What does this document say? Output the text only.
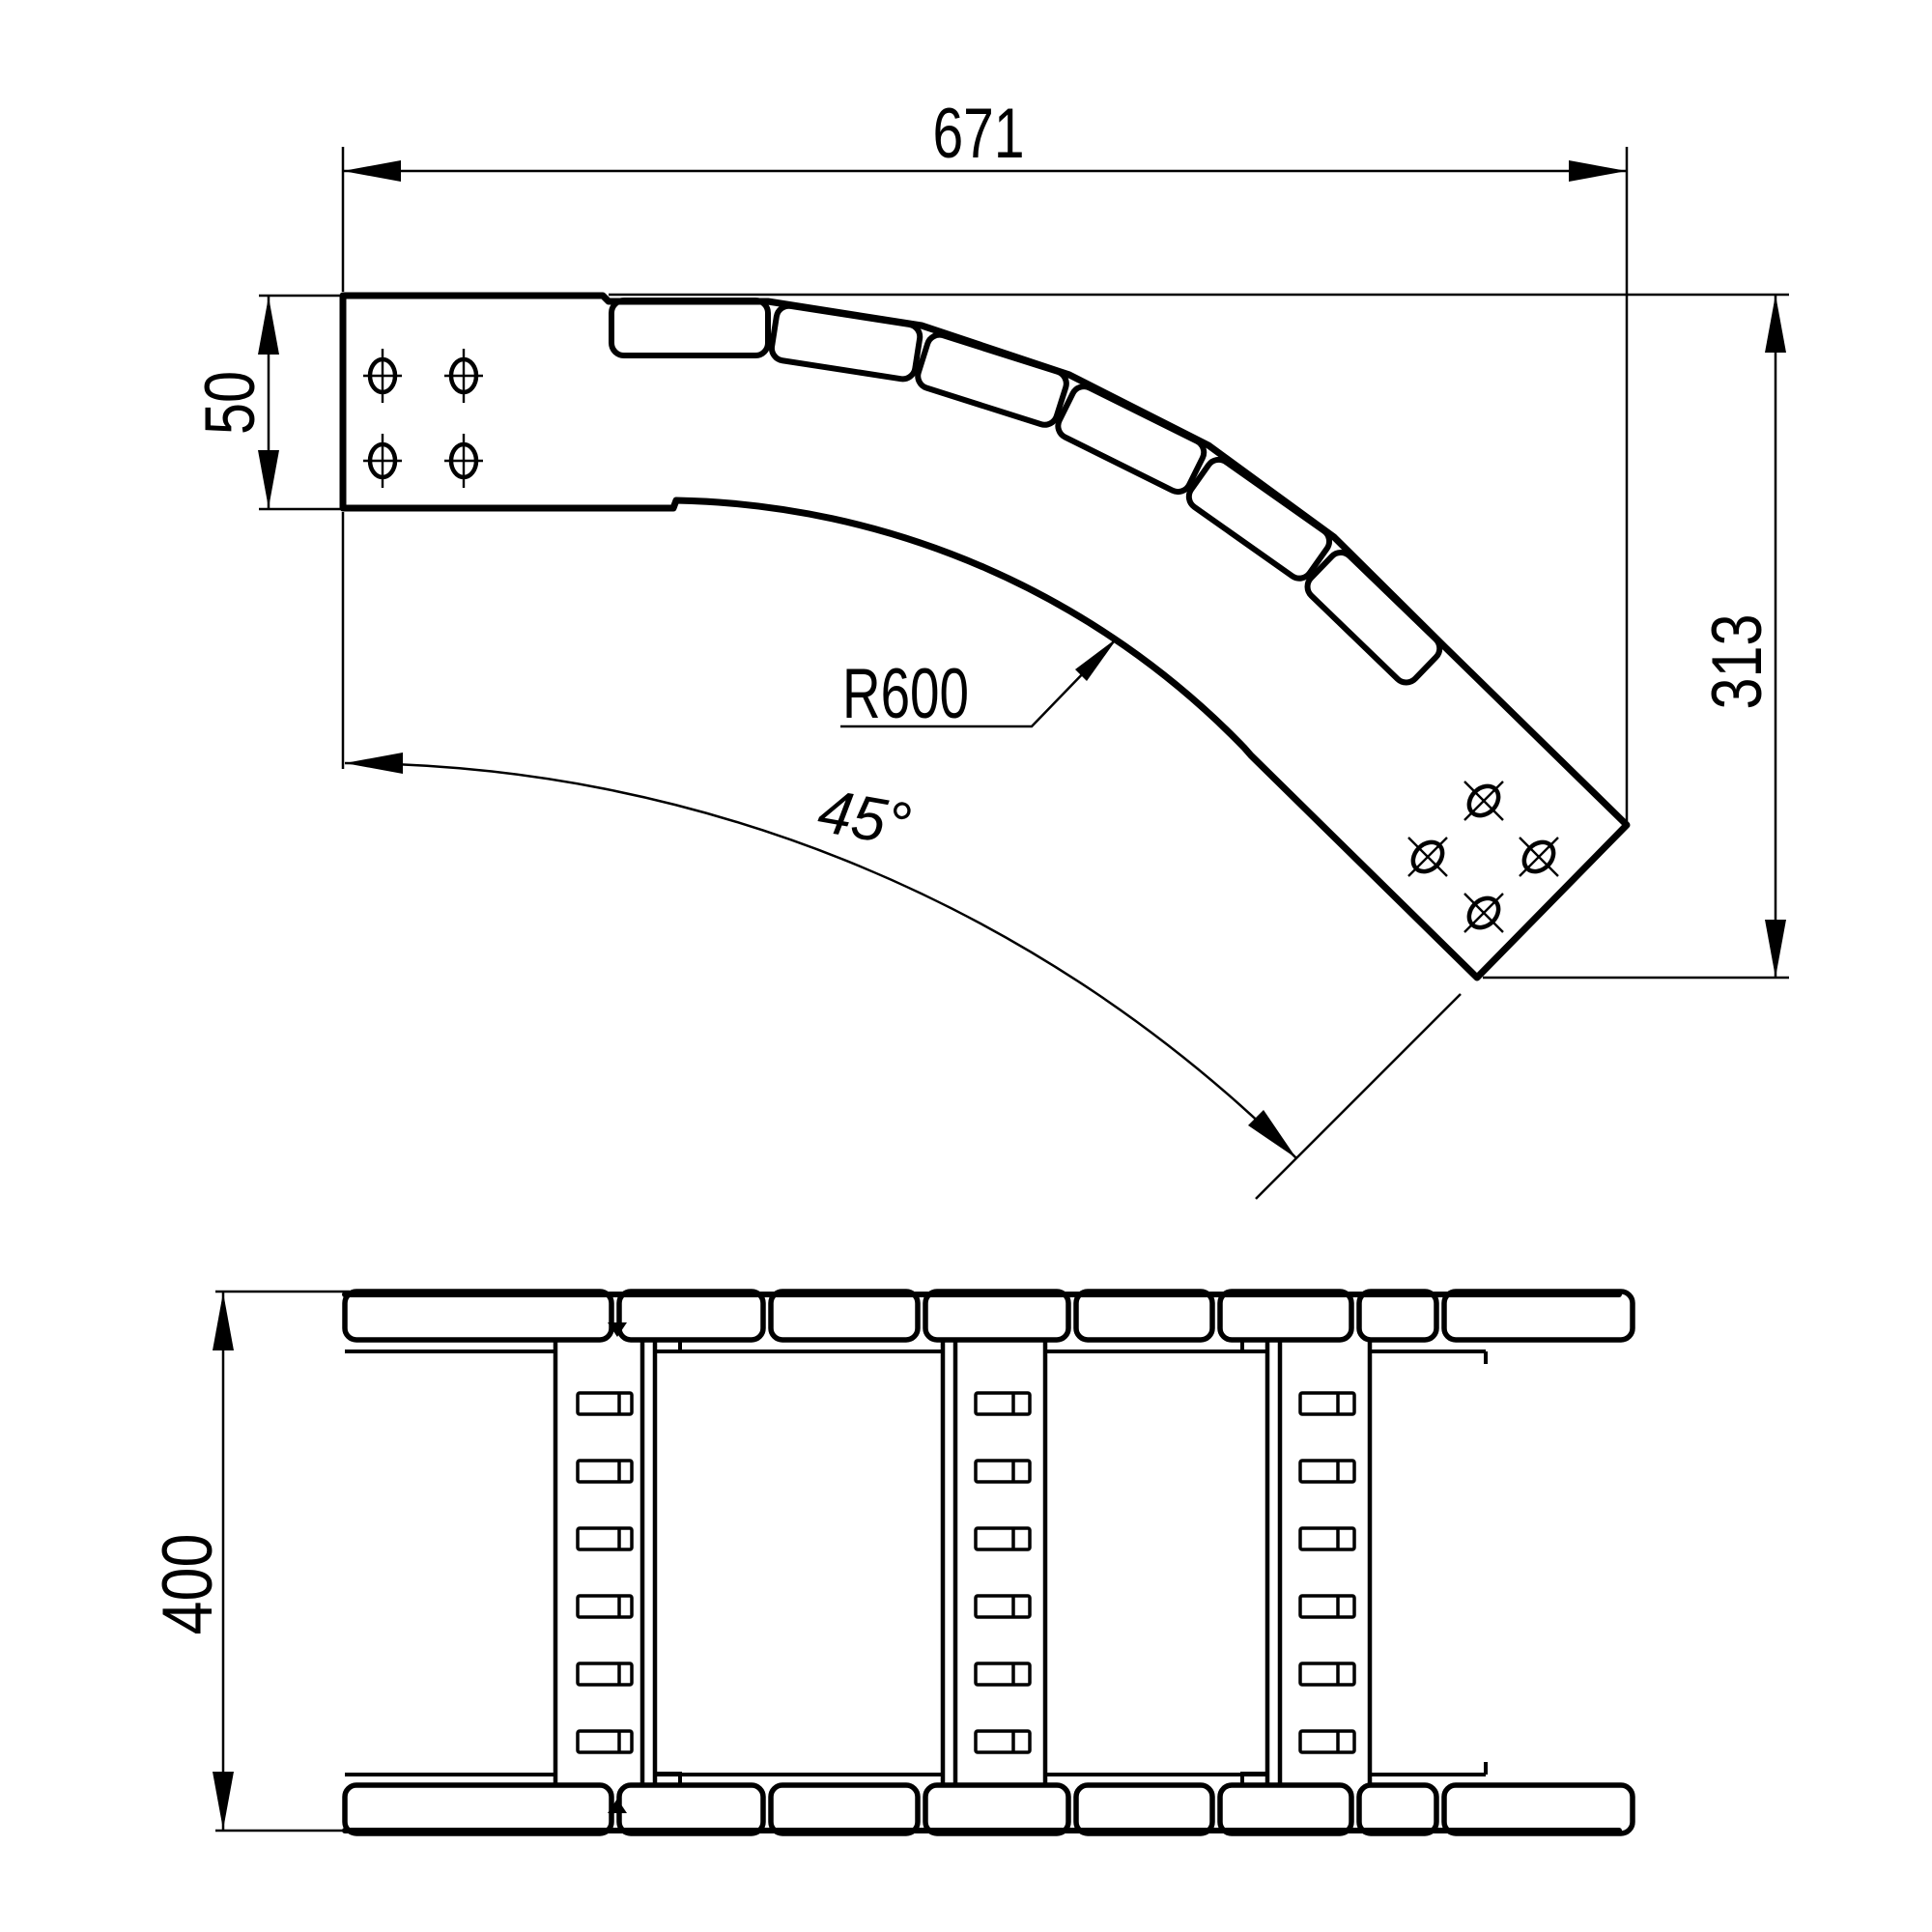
671
50
313
R600
45°
400
